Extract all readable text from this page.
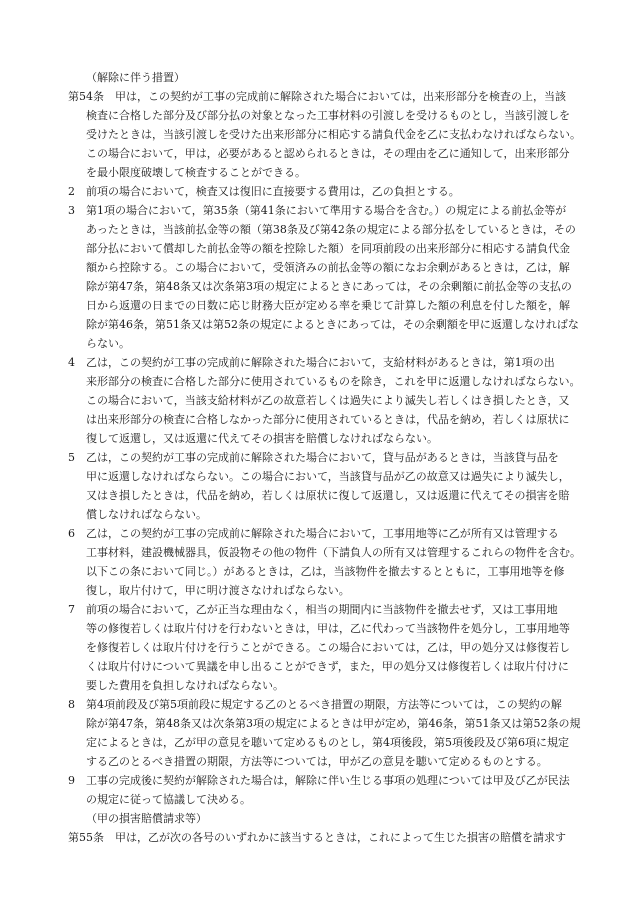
（解除に伴う措置）
第54条　甲は，この契約が工事の完成前に解除された場合においては，出来形部分を検査の上，当該
検査に合格した部分及び部分払の対象となった工事材料の引渡しを受けるものとし，当該引渡しを
受けたときは，当該引渡しを受けた出来形部分に相応する請負代金を乙に支払わなければならない。
この場合において，甲は，必要があると認められるときは，その理由を乙に通知して，出来形部分
を最小限度破壊して検査することができる。
2　前項の場合において，検査又は復旧に直接要する費用は，乙の負担とする。
3　第1項の場合において，第35条（第41条において準用する場合を含む。）の規定による前払金等が
あったときは，当該前払金等の額（第38条及び第42条の規定による部分払をしているときは，その
部分払において償却した前払金等の額を控除した額）を同項前段の出来形部分に相応する請負代金
額から控除する。この場合において，受領済みの前払金等の額になお余剰があるときは，乙は，解
除が第47条，第48条又は次条第3項の規定によるときにあっては，その余剰額に前払金等の支払の
日から返還の日までの日数に応じ財務大臣が定める率を乗じて計算した額の利息を付した額を，解
除が第46条，第51条又は第52条の規定によるときにあっては，その余剰額を甲に返還しなければな
らない。
4　乙は，この契約が工事の完成前に解除された場合において，支給材料があるときは，第1項の出
来形部分の検査に合格した部分に使用されているものを除き，これを甲に返還しなければならない。
この場合において，当該支給材料が乙の故意若しくは過失により滅失し若しくはき損したとき，又
は出来形部分の検査に合格しなかった部分に使用されているときは，代品を納め，若しくは原状に
復して返還し，又は返還に代えてその損害を賠償しなければならない。
5　乙は，この契約が工事の完成前に解除された場合において，貸与品があるときは，当該貸与品を
甲に返還しなければならない。この場合において，当該貸与品が乙の故意又は過失により滅失し，
又はき損したときは，代品を納め，若しくは原状に復して返還し，又は返還に代えてその損害を賠
償しなければならない。
6　乙は，この契約が工事の完成前に解除された場合において，工事用地等に乙が所有又は管理する
工事材料，建設機械器具，仮設物その他の物件（下請負人の所有又は管理するこれらの物件を含む。
以下この条において同じ。）があるときは，乙は，当該物件を撤去するとともに，工事用地等を修
復し，取片付けて，甲に明け渡さなければならない。
7　前項の場合において，乙が正当な理由なく，相当の期間内に当該物件を撤去せず，又は工事用地
等の修復若しくは取片付けを行わないときは，甲は，乙に代わって当該物件を処分し，工事用地等
を修復若しくは取片付けを行うことができる。この場合においては，乙は，甲の処分又は修復若し
くは取片付けについて異議を申し出ることができず，また，甲の処分又は修復若しくは取片付けに
要した費用を負担しなければならない。
8　第4項前段及び第5項前段に規定する乙のとるべき措置の期限，方法等については，この契約の解
除が第47条，第48条又は次条第3項の規定によるときは甲が定め，第46条，第51条又は第52条の規
定によるときは，乙が甲の意見を聴いて定めるものとし，第4項後段，第5項後段及び第6項に規定
する乙のとるべき措置の期限，方法等については，甲が乙の意見を聴いて定めるものとする。
9　工事の完成後に契約が解除された場合は，解除に伴い生じる事項の処理については甲及び乙が民法
の規定に従って協議して決める。
（甲の損害賠償請求等）
第55条　甲は，乙が次の各号のいずれかに該当するときは，これによって生じた損害の賠償を請求す
